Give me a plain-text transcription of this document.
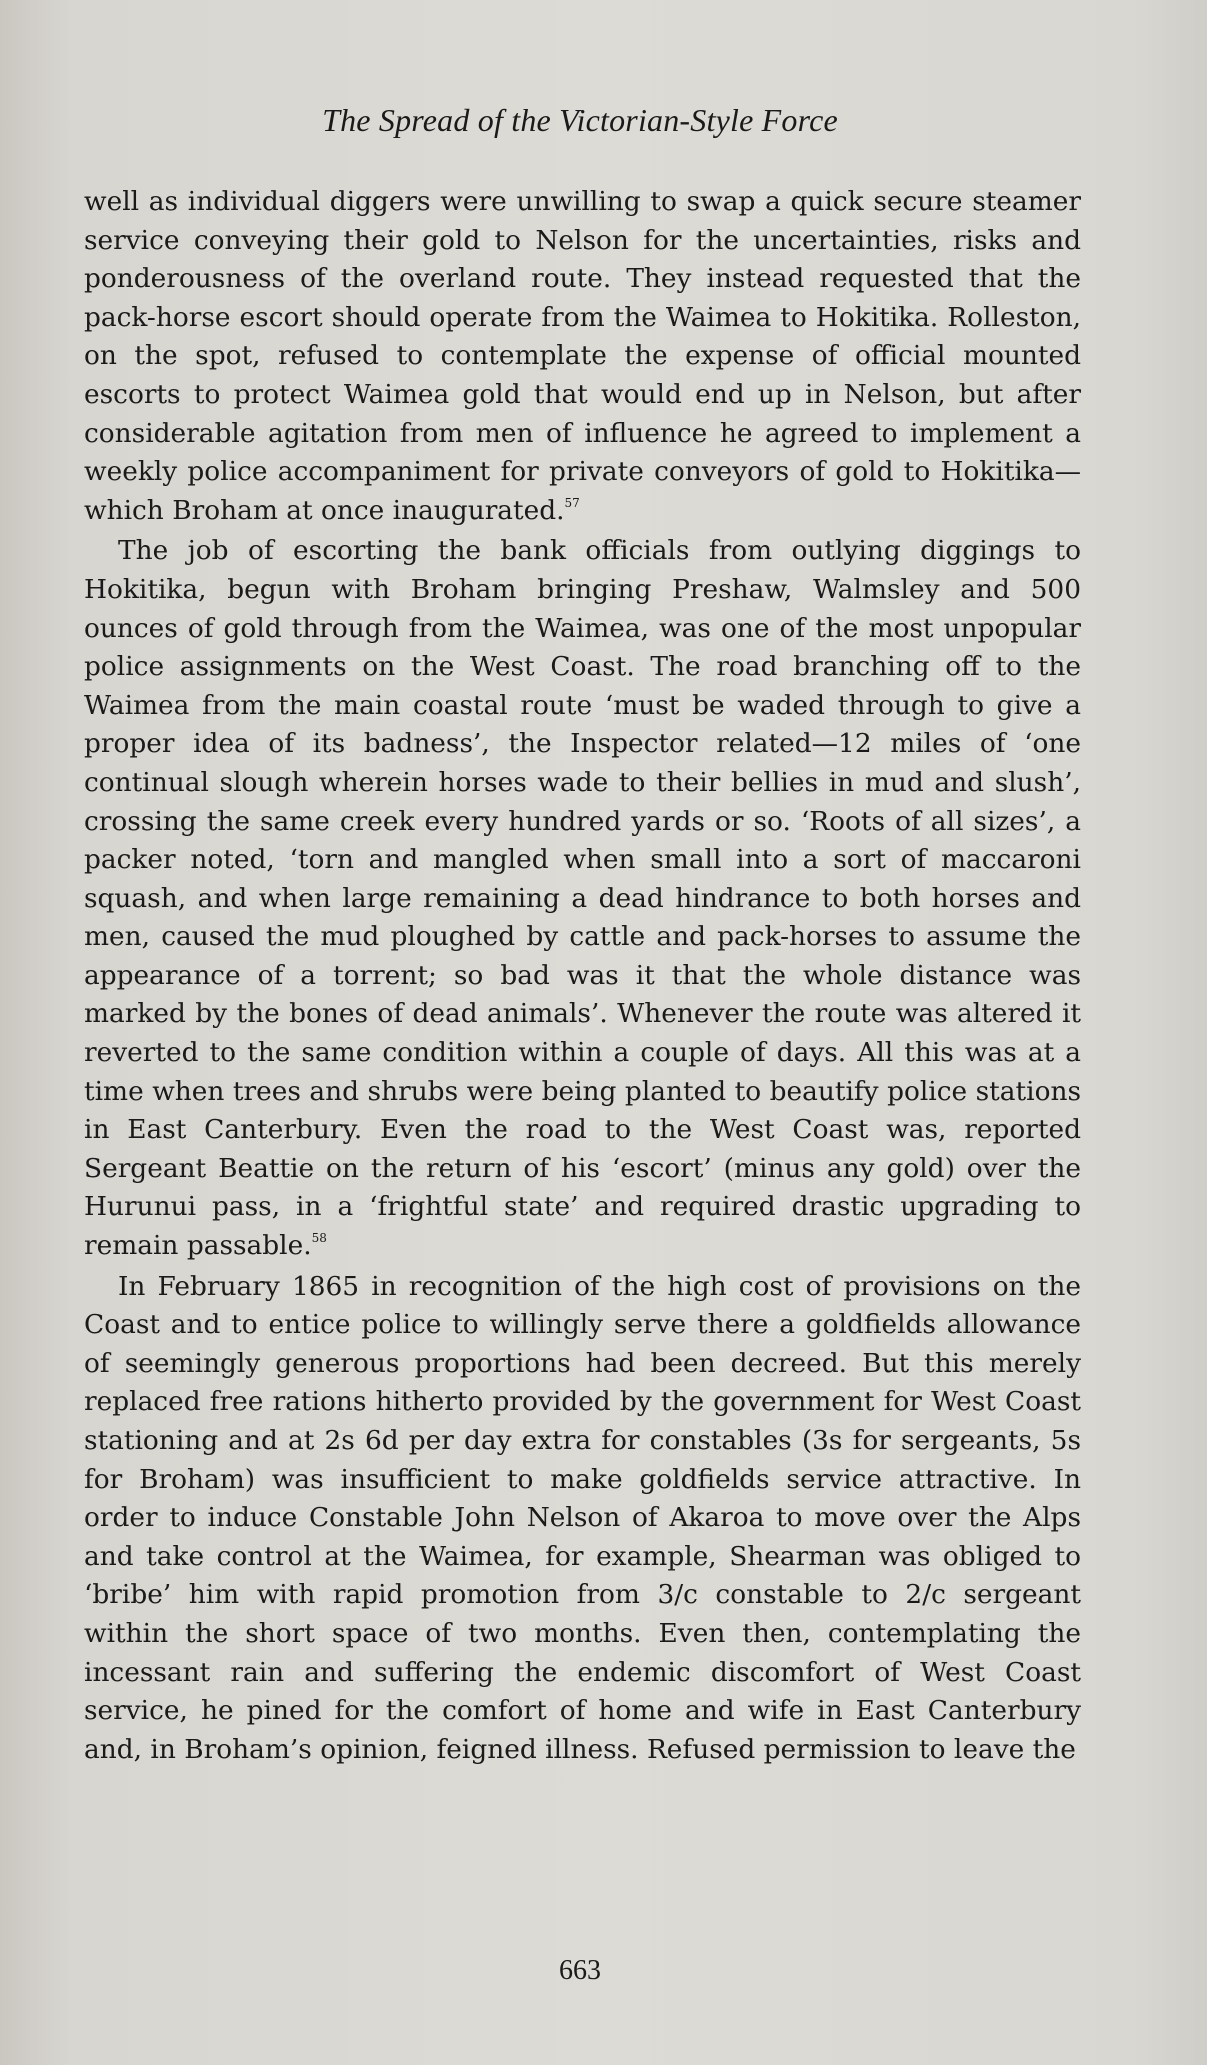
The Spread of the Victorian-Style Force

well as individual diggers were unwilling to swap a quick secure steamer service conveying their gold to Nelson for the uncertainties, risks and ponderousness of the overland route. They instead requested that the pack-horse escort should operate from the Waimea to Hokitika. Rolleston, on the spot, refused to contemplate the expense of official mounted escorts to protect Waimea gold that would end up in Nelson, but after considerable agitation from men of influence he agreed to implement a weekly police accompaniment for private conveyors of gold to Hokitika—which Broham at once inaugurated.$^{57}$

The job of escorting the bank officials from outlying diggings to Hokitika, begun with Broham bringing Preshaw, Walmsley and 500 ounces of gold through from the Waimea, was one of the most unpopular police assignments on the West Coast. The road branching off to the Waimea from the main coastal route ‘must be waded through to give a proper idea of its badness’, the Inspector related—12 miles of ‘one continual slough wherein horses wade to their bellies in mud and slush’, crossing the same creek every hundred yards or so. ‘Roots of all sizes’, a packer noted, ‘torn and mangled when small into a sort of maccaroni squash, and when large remaining a dead hindrance to both horses and men, caused the mud ploughed by cattle and pack-horses to assume the appearance of a torrent; so bad was it that the whole distance was marked by the bones of dead animals’. Whenever the route was altered it reverted to the same condition within a couple of days. All this was at a time when trees and shrubs were being planted to beautify police stations in East Canterbury. Even the road to the West Coast was, reported Sergeant Beattie on the return of his ‘escort’ (minus any gold) over the Hurunui pass, in a ‘frightful state’ and required drastic upgrading to remain passable.$^{58}$

In February 1865 in recognition of the high cost of provisions on the Coast and to entice police to willingly serve there a goldfields allowance of seemingly generous proportions had been decreed. But this merely replaced free rations hitherto provided by the government for West Coast stationing and at 2s 6d per day extra for constables (3s for sergeants, 5s for Broham) was insufficient to make goldfields service attractive. In order to induce Constable John Nelson of Akaroa to move over the Alps and take control at the Waimea, for example, Shearman was obliged to ‘bribe’ him with rapid promotion from 3/c constable to 2/c sergeant within the short space of two months. Even then, contemplating the incessant rain and suffering the endemic discomfort of West Coast service, he pined for the comfort of home and wife in East Canterbury and, in Broham’s opinion, feigned illness. Refused permission to leave the

663
